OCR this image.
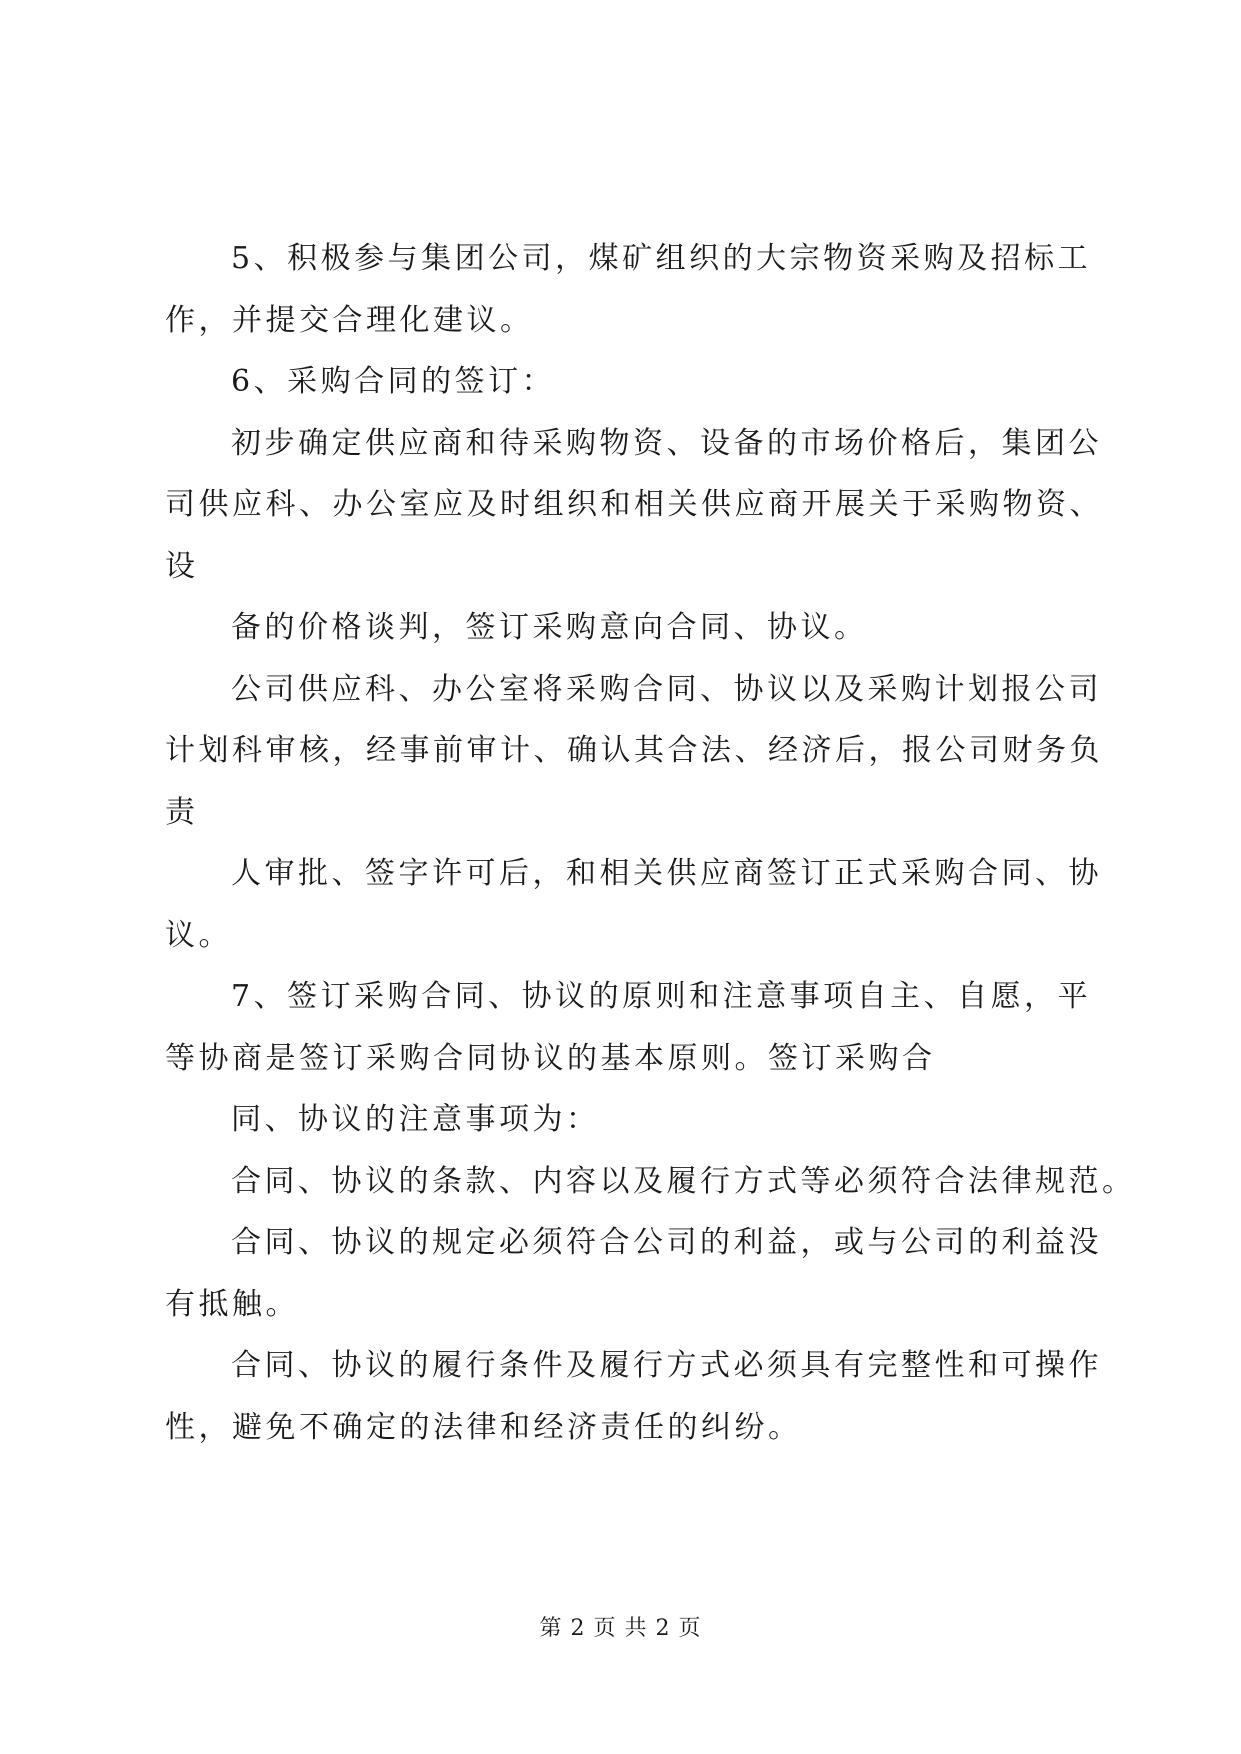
5、积极参与集团公司，煤矿组织的大宗物资采购及招标工
作，并提交合理化建议。
6、采购合同的签订：
初步确定供应商和待采购物资、设备的市场价格后，集团公
司供应科、办公室应及时组织和相关供应商开展关于采购物资、
设
备的价格谈判，签订采购意向合同、协议。
公司供应科、办公室将采购合同、协议以及采购计划报公司
计划科审核，经事前审计、确认其合法、经济后，报公司财务负
责
人审批、签字许可后，和相关供应商签订正式采购合同、协
议。
7、签订采购合同、协议的原则和注意事项自主、自愿，平
等协商是签订采购合同协议的基本原则。签订采购合
同、协议的注意事项为：
合同、协议的条款、内容以及履行方式等必须符合法律规范。
合同、协议的规定必须符合公司的利益，或与公司的利益没
有抵触。
合同、协议的履行条件及履行方式必须具有完整性和可操作
性，避免不确定的法律和经济责任的纠纷。
第 2 页 共 2 页
